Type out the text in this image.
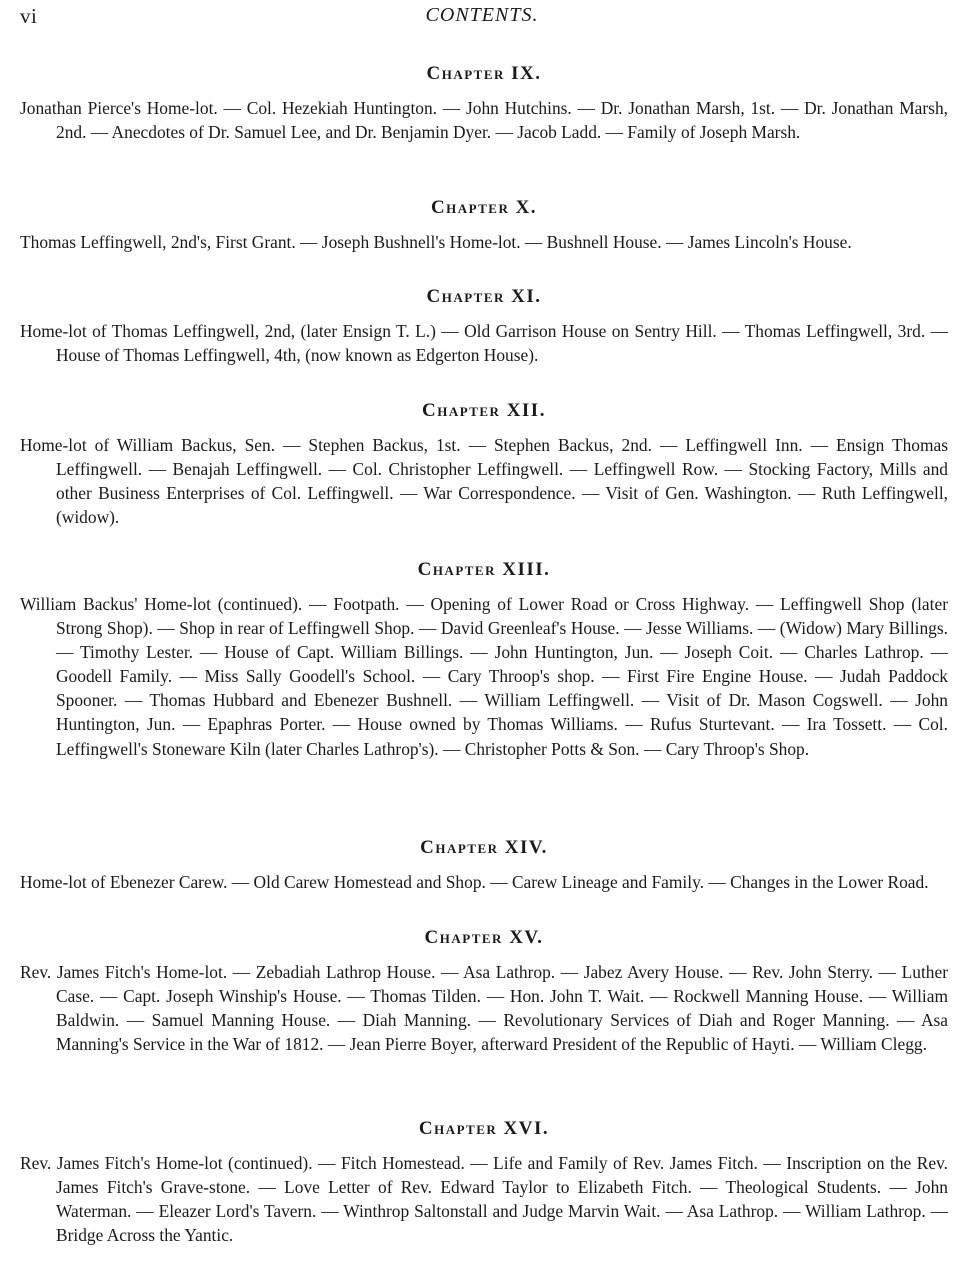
vi	CONTENTS.
Chapter IX.

Jonathan Pierce's Home-lot. — Col. Hezekiah Huntington. — John Hutchins. — Dr. Jonathan Marsh, 1st. — Dr. Jonathan Marsh, 2nd. — Anecdotes of Dr. Samuel Lee, and Dr. Benjamin Dyer. — Jacob Ladd. — Family of Joseph Marsh.

Chapter X.

Thomas Leffingwell, 2nd's, First Grant. — Joseph Bushnell's Home-lot. — Bushnell House. — James Lincoln's House.

Chapter XI.

Home-lot of Thomas Leffingwell, 2nd, (later Ensign T. L.) — Old Garrison House on Sentry Hill. — Thomas Leffingwell, 3rd. — House of Thomas Leffingwell, 4th, (now known as Edgerton House).

Chapter XII.

Home-lot of William Backus, Sen. — Stephen Backus, 1st. — Stephen Backus, 2nd. — Leffingwell Inn. — Ensign Thomas Leffingwell. — Benajah Leffingwell. — Col. Christopher Leffingwell. — Leffingwell Row. — Stocking Factory, Mills and other Business Enterprises of Col. Leffingwell. — War Correspondence. — Visit of Gen. Washington. — Ruth Leffingwell, (widow).

Chapter XIII.

William Backus' Home-lot (continued). — Footpath. — Opening of Lower Road or Cross Highway. — Leffingwell Shop (later Strong Shop). — Shop in rear of Leffingwell Shop. — David Greenleaf's House. — Jesse Williams. — (Widow) Mary Billings. — Timothy Lester. — House of Capt. William Billings. — John Huntington, Jun. — Joseph Coit. — Charles Lathrop. — Goodell Family. — Miss Sally Goodell's School. — Cary Throop's shop. — First Fire Engine House. — Judah Paddock Spooner. — Thomas Hubbard and Ebenezer Bushnell. — William Leffingwell. — Visit of Dr. Mason Cogswell. — John Huntington, Jun. — Epaphras Porter. — House owned by Thomas Williams. — Rufus Sturtevant. — Ira Tossett. — Col. Leffingwell's Stoneware Kiln (later Charles Lathrop's). — Christopher Potts & Son. — Cary Throop's Shop.

Chapter XIV.

Home-lot of Ebenezer Carew. — Old Carew Homestead and Shop. — Carew Lineage and Family. — Changes in the Lower Road.

Chapter XV.

Rev. James Fitch's Home-lot. — Zebadiah Lathrop House. — Asa Lathrop. — Jabez Avery House. — Rev. John Sterry. — Luther Case. — Capt. Joseph Winship's House. — Thomas Tilden. — Hon. John T. Wait. — Rockwell Manning House. — William Baldwin. — Samuel Manning House. — Diah Manning. — Revolutionary Services of Diah and Roger Manning. — Asa Manning's Service in the War of 1812. — Jean Pierre Boyer, afterward President of the Republic of Hayti. — William Clegg.

Chapter XVI.

Rev. James Fitch's Home-lot (continued). — Fitch Homestead. — Life and Family of Rev. James Fitch. — Inscription on the Rev. James Fitch's Grave-stone. — Love Letter of Rev. Edward Taylor to Elizabeth Fitch. — Theological Students. — John Waterman. — Eleazer Lord's Tavern. — Winthrop Saltonstall and Judge Marvin Wait. — Asa Lathrop. — William Lathrop. — Bridge Across the Yantic.
